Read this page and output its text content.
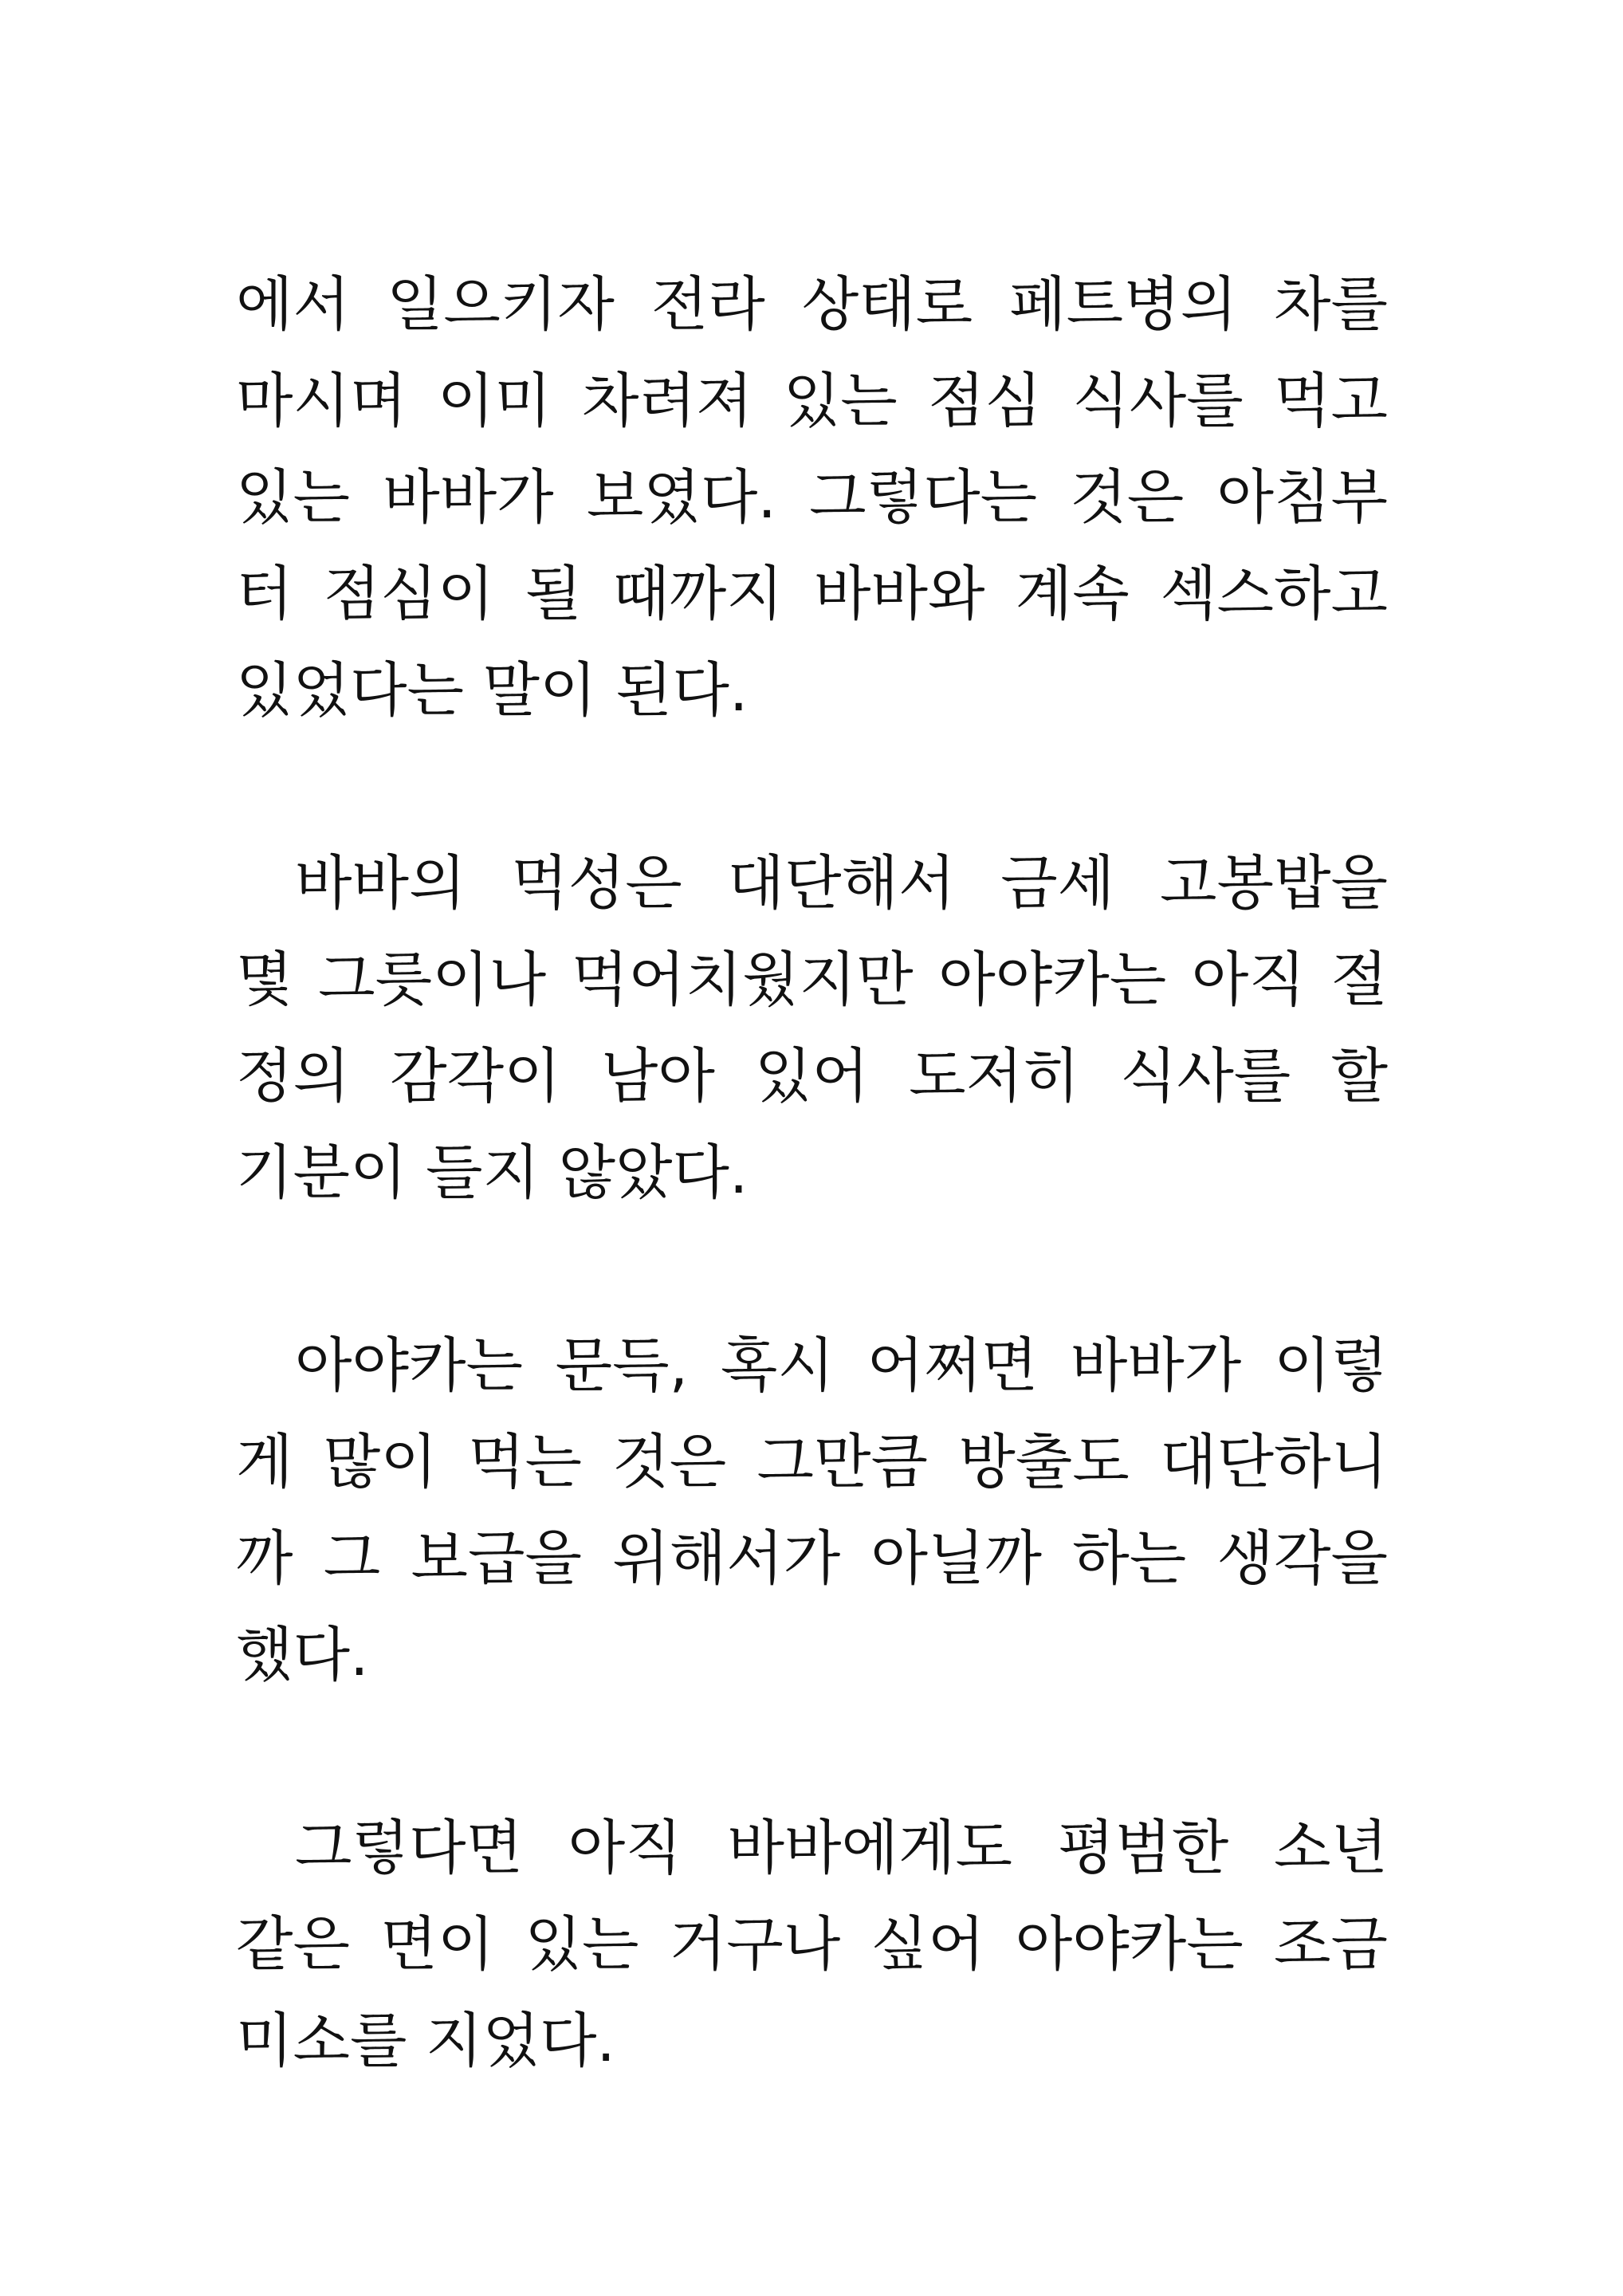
에서 일으키자 전라 상태로 페트병의 차를
마시며 이미 차려져 있는 점심 식사를 먹고
있는 바바가 보였다. 그렇다는 것은 아침부
터 점심이 될 때까지 바바와 계속 섹스하고
있었다는 말이 된다.
바바의 먹성은 대단해서 금세 고봉밥을
몇 그릇이나 먹어치웠지만 아야카는 아직 절
정의 감각이 남아 있어 도저히 식사를 할
기분이 들지 않았다.
아야카는 문득, 혹시 어쩌면 바바가 이렇
게 많이 먹는 것은 그만큼 방출도 대단하니
까 그 보급을 위해서가 아닐까 하는 생각을
했다.
그렇다면 아직 바바에게도 평범한 소년
같은 면이 있는 거구나 싶어 아야카는 조금
미소를 지었다.
